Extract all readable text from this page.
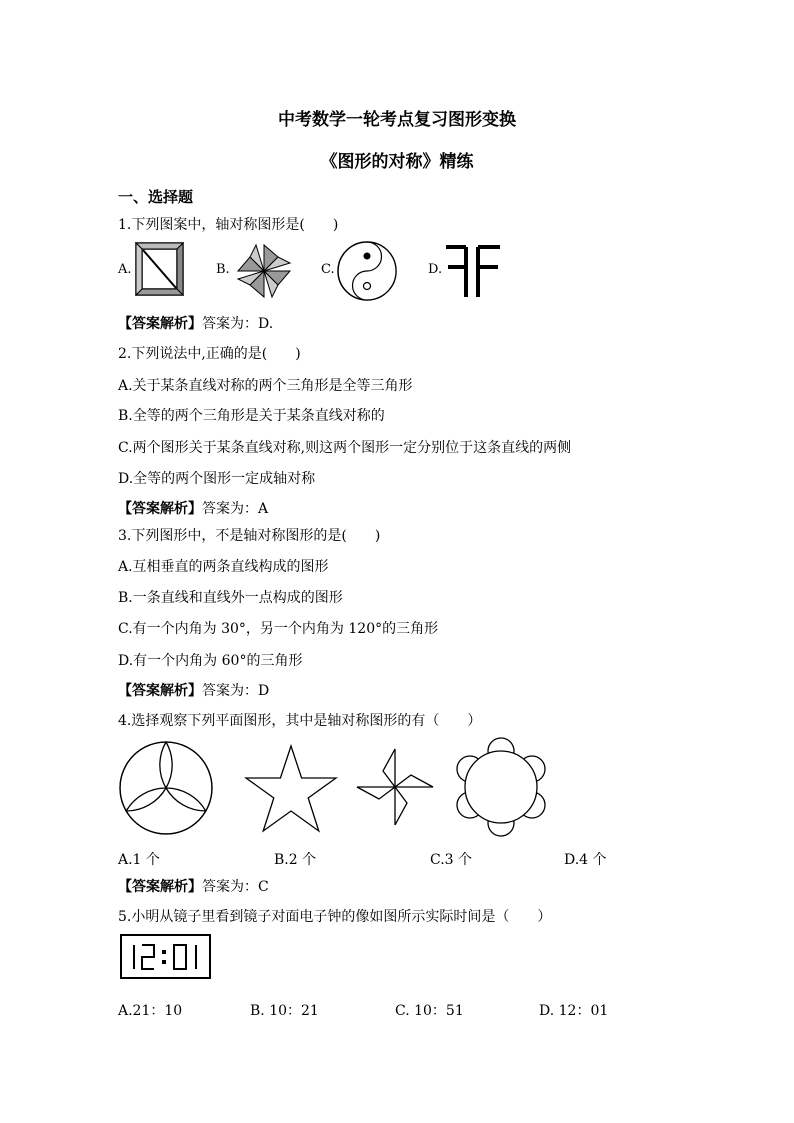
中考数学一轮考点复习图形变换
《图形的对称》精练
一、选择题
1.下列图案中，轴对称图形是(　　)
A.	B.	C.	D.
【答案解析】答案为：D.
2.下列说法中,正确的是(　　)
A.关于某条直线对称的两个三角形是全等三角形
B.全等的两个三角形是关于某条直线对称的
C.两个图形关于某条直线对称,则这两个图形一定分别位于这条直线的两侧
D.全等的两个图形一定成轴对称
【答案解析】答案为：A
3.下列图形中，不是轴对称图形的是(　　)
A.互相垂直的两条直线构成的图形
B.一条直线和直线外一点构成的图形
C.有一个内角为 30°，另一个内角为 120°的三角形
D.有一个内角为 60°的三角形
【答案解析】答案为：D
4.选择观察下列平面图形，其中是轴对称图形的有（　　）
A.1 个	B.2 个	C.3 个	D.4 个
【答案解析】答案为：C
5.小明从镜子里看到镜子对面电子钟的像如图所示实际时间是（　　）
A.21：10	B. 10：21	C. 10：51	D. 12：01
